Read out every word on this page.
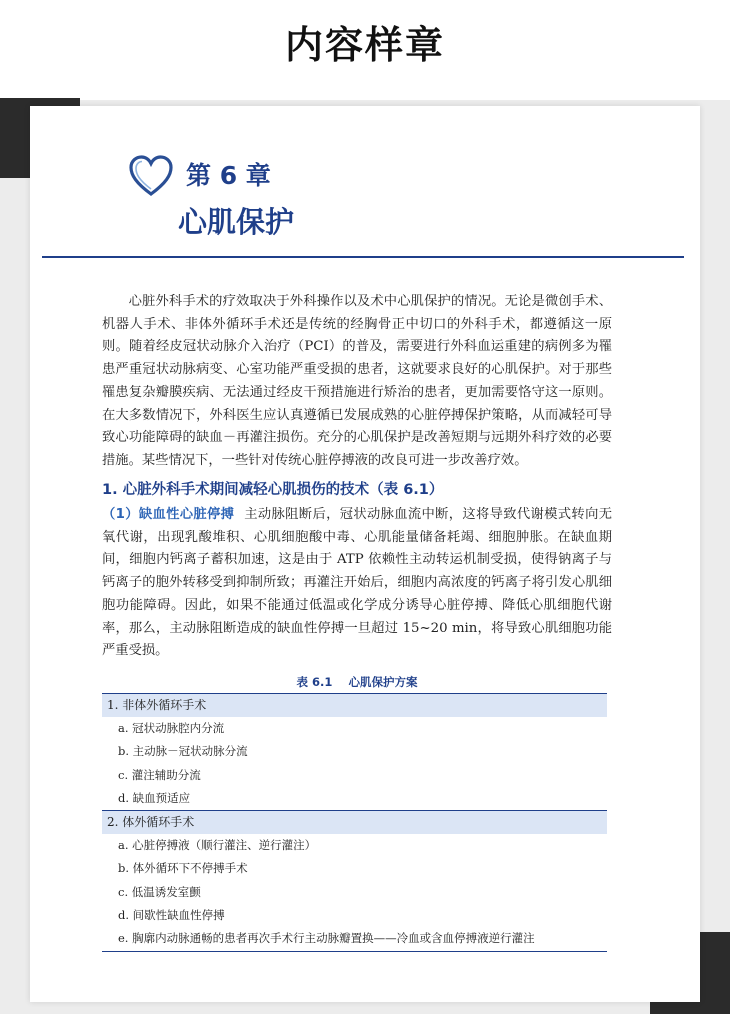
内容样章
第 6 章
心肌保护

心脏外科手术的疗效取决于外科操作以及术中心肌保护的情况。无论是微创手术、机器人手术、非体外循环手术还是传统的经胸骨正中切口的外科手术，都遵循这一原则。随着经皮冠状动脉介入治疗（PCI）的普及，需要进行外科血运重建的病例多为罹患严重冠状动脉病变、心室功能严重受损的患者，这就要求良好的心肌保护。对于那些罹患复杂瓣膜疾病、无法通过经皮干预措施进行矫治的患者，更加需要恪守这一原则。在大多数情况下，外科医生应认真遵循已发展成熟的心脏停搏保护策略，从而减轻可导致心功能障碍的缺血－再灌注损伤。充分的心肌保护是改善短期与远期外科疗效的必要措施。某些情况下，一些针对传统心脏停搏液的改良可进一步改善疗效。

1. 心脏外科手术期间减轻心肌损伤的技术（表 6.1）

（1）缺血性心脏停搏 主动脉阻断后，冠状动脉血流中断，这将导致代谢模式转向无氧代谢，出现乳酸堆积、心肌细胞酸中毒、心肌能量储备耗竭、细胞肿胀。在缺血期间，细胞内钙离子蓄积加速，这是由于 ATP 依赖性主动转运机制受损，使得钠离子与钙离子的胞外转移受到抑制所致；再灌注开始后，细胞内高浓度的钙离子将引发心肌细胞功能障碍。因此，如果不能通过低温或化学成分诱导心脏停搏、降低心肌细胞代谢率，那么，主动脉阻断造成的缺血性停搏一旦超过 15~20 min，将导致心肌细胞功能严重受损。

表 6.1 心肌保护方案
1. 非体外循环手术
a. 冠状动脉腔内分流
b. 主动脉－冠状动脉分流
c. 灌注辅助分流
d. 缺血预适应
2. 体外循环手术
a. 心脏停搏液（顺行灌注、逆行灌注）
b. 体外循环下不停搏手术
c. 低温诱发室颤
d. 间歇性缺血性停搏
e. 胸廓内动脉通畅的患者再次手术行主动脉瓣置换——冷血或含血停搏液逆行灌注
